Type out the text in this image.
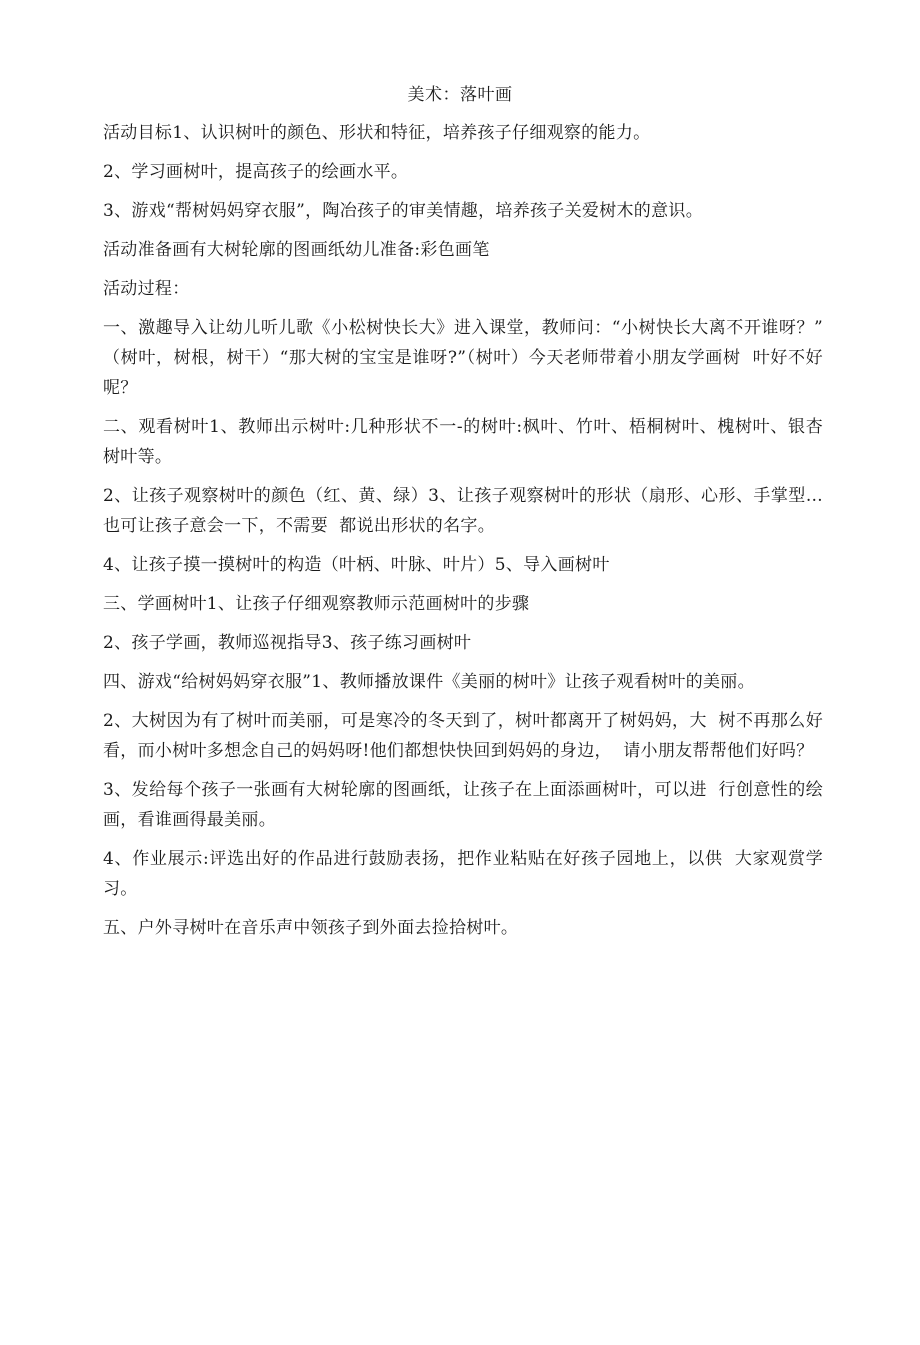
美术：落叶画

活动目标1、认识树叶的颜色、形状和特征，培养孩子仔细观察的能力。

2、学习画树叶，提高孩子的绘画水平。

3、游戏“帮树妈妈穿衣服”，陶冶孩子的审美情趣，培养孩子关爱树木的意识。

活动准备画有大树轮廓的图画纸幼儿准备:彩色画笔

活动过程：

一、激趣导入让幼儿听儿歌《小松树快长大》进入课堂，教师问：“小树快长大离不开谁呀？”  （树叶，树根，树干）“那大树的宝宝是谁呀?”（树叶）今天老师带着小朋友学画树  叶好不好呢？

二、观看树叶1、教师出示树叶:几种形状不一-的树叶:枫叶、竹叶、梧桐树叶、槐树叶、银杏  树叶等。

2、让孩子观察树叶的颜色（红、黄、绿）3、让孩子观察树叶的形状（扇形、心形、手掌型…也可让孩子意会一下，不需要  都说出形状的名字。

4、让孩子摸一摸树叶的构造（叶柄、叶脉、叶片）5、导入画树叶

三、学画树叶1、让孩子仔细观察教师示范画树叶的步骤

2、孩子学画，教师巡视指导3、孩子练习画树叶

四、游戏“给树妈妈穿衣服”1、教师播放课件《美丽的树叶》让孩子观看树叶的美丽。

2、大树因为有了树叶而美丽，可是寒冷的冬天到了，树叶都离开了树妈妈，大  树不再那么好看，而小树叶多想念自己的妈妈呀!他们都想快快回到妈妈的身边，  请小朋友帮帮他们好吗？

3、发给每个孩子一张画有大树轮廓的图画纸，让孩子在上面添画树叶，可以进  行创意性的绘画，看谁画得最美丽。

4、作业展示:评选出好的作品进行鼓励表扬，把作业粘贴在好孩子园地上，以供  大家观赏学习。

五、户外寻树叶在音乐声中领孩子到外面去捡拾树叶。
